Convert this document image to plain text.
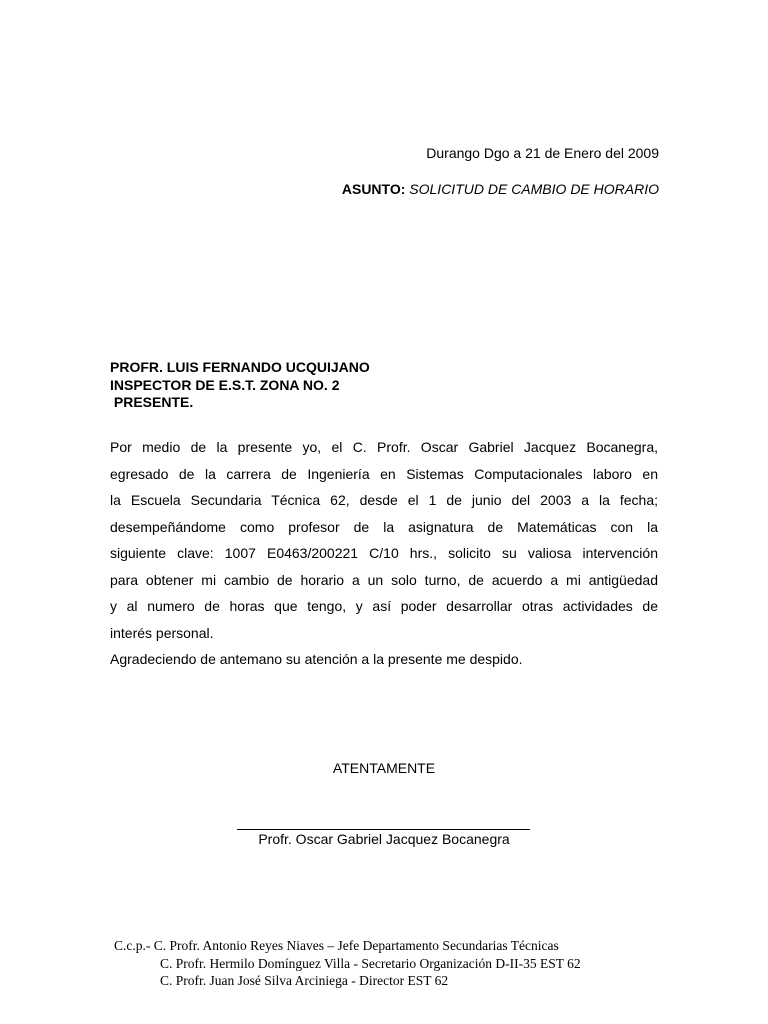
Durango Dgo a 21 de Enero del 2009
ASUNTO: SOLICITUD DE CAMBIO DE HORARIO
PROFR. LUIS FERNANDO UCQUIJANO
INSPECTOR DE E.S.T. ZONA NO. 2
PRESENTE.
Por medio de la presente yo, el C. Profr. Oscar Gabriel Jacquez Bocanegra,
egresado de la carrera de Ingeniería en Sistemas Computacionales laboro en
la Escuela Secundaria Técnica 62, desde el 1 de junio del 2003 a la fecha;
desempeñándome como profesor de la asignatura de Matemáticas con la
siguiente clave: 1007 E0463/200221 C/10 hrs., solicito su valiosa intervención
para obtener mi cambio de horario a un solo turno, de acuerdo a mi antigüedad
y al numero de horas que tengo, y así poder desarrollar otras actividades de
interés personal.
Agradeciendo de antemano su atención a la presente me despido.
ATENTAMENTE
Profr. Oscar Gabriel Jacquez Bocanegra
C.c.p.- C. Profr. Antonio Reyes Niaves – Jefe Departamento Secundarias Técnicas
C. Profr. Hermilo Domínguez Villa - Secretario Organización D-II-35 EST 62
C. Profr. Juan José Silva Arciniega - Director EST 62
